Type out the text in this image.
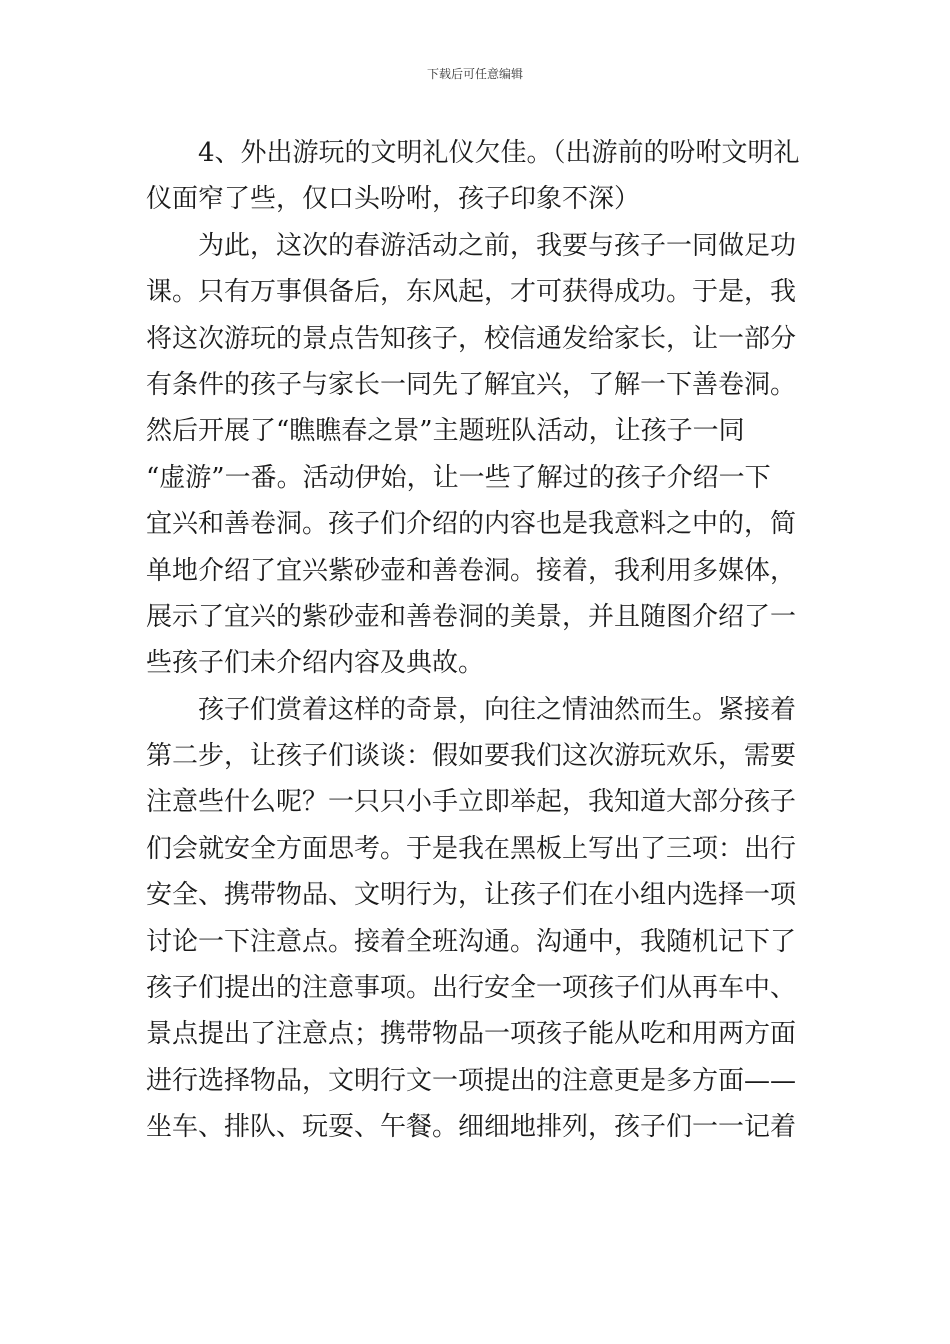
下载后可任意编辑
4、外出游玩的文明礼仪欠佳。（出游前的吩咐文明礼
仪面窄了些，仅口头吩咐，孩子印象不深）
为此，这次的春游活动之前，我要与孩子一同做足功
课。只有万事俱备后，东风起，才可获得成功。于是，我
将这次游玩的景点告知孩子，校信通发给家长，让一部分
有条件的孩子与家长一同先了解宜兴，了解一下善卷洞。
然后开展了“瞧瞧春之景”主题班队活动，让孩子一同
“虚游”一番。活动伊始，让一些了解过的孩子介绍一下
宜兴和善卷洞。孩子们介绍的内容也是我意料之中的，简
单地介绍了宜兴紫砂壶和善卷洞。接着，我利用多媒体，
展示了宜兴的紫砂壶和善卷洞的美景，并且随图介绍了一
些孩子们未介绍内容及典故。
孩子们赏着这样的奇景，向往之情油然而生。紧接着
第二步，让孩子们谈谈：假如要我们这次游玩欢乐，需要
注意些什么呢？一只只小手立即举起，我知道大部分孩子
们会就安全方面思考。于是我在黑板上写出了三项：出行
安全、携带物品、文明行为，让孩子们在小组内选择一项
讨论一下注意点。接着全班沟通。沟通中，我随机记下了
孩子们提出的注意事项。出行安全一项孩子们从再车中、
景点提出了注意点；携带物品一项孩子能从吃和用两方面
进行选择物品，文明行文一项提出的注意更是多方面——
坐车、排队、玩耍、午餐。细细地排列，孩子们一一记着
